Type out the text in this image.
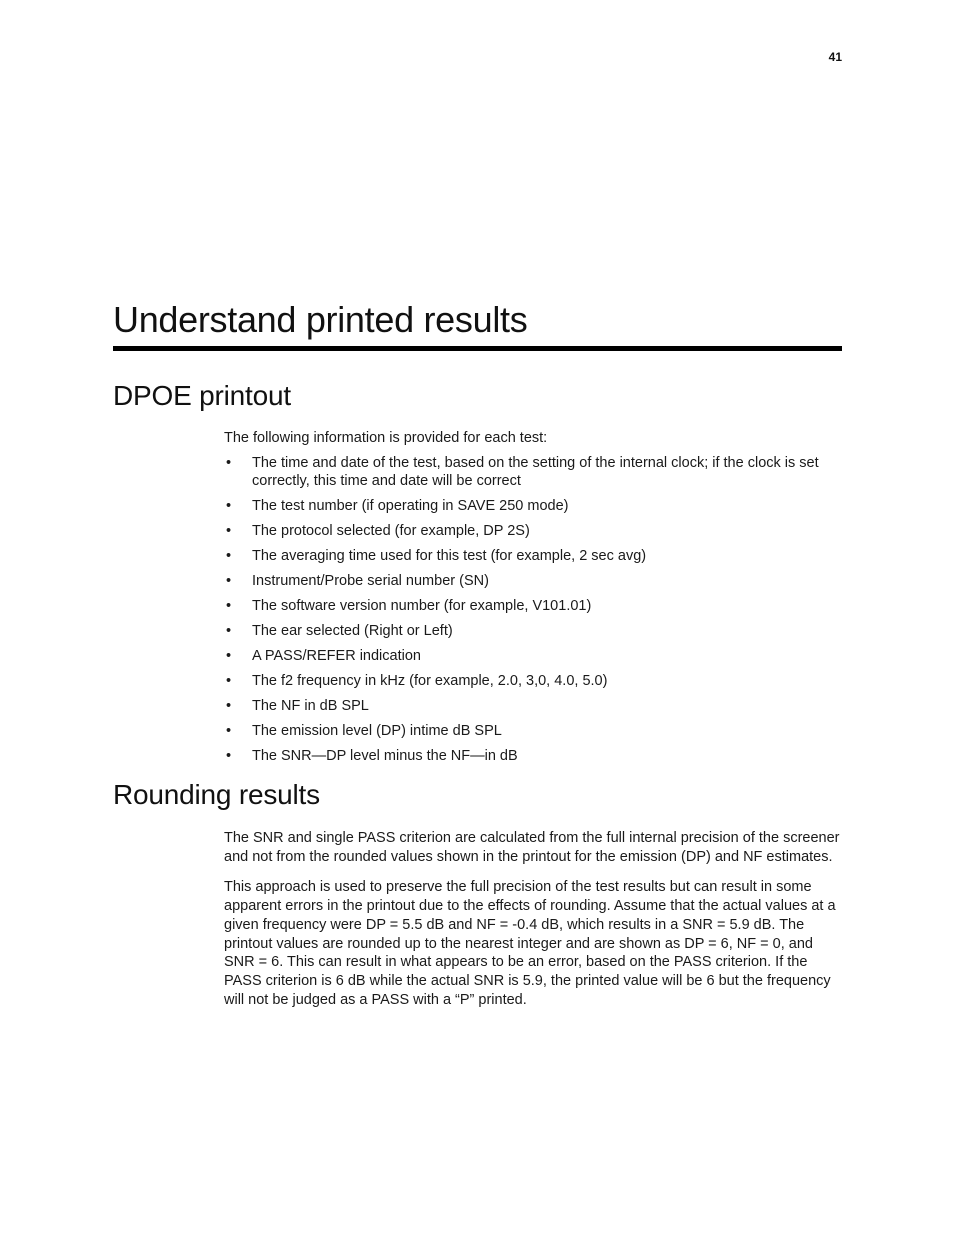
41
Understand printed results
DPOE printout

The following information is provided for each test:

• The time and date of the test, based on the setting of the internal clock; if the clock is set correctly, this time and date will be correct
• The test number (if operating in SAVE 250 mode)
• The protocol selected (for example, DP 2S)
• The averaging time used for this test (for example, 2 sec avg)
• Instrument/Probe serial number (SN)
• The software version number (for example, V101.01)
• The ear selected (Right or Left)
• A PASS/REFER indication
• The f2 frequency in kHz (for example, 2.0, 3,0, 4.0, 5.0)
• The NF in dB SPL
• The emission level (DP) intime dB SPL
• The SNR—DP level minus the NF—in dB
Rounding results

The SNR and single PASS criterion are calculated from the full internal precision of the screener and not from the rounded values shown in the printout for the emission (DP) and NF estimates.

This approach is used to preserve the full precision of the test results but can result in some apparent errors in the printout due to the effects of rounding. Assume that the actual values at a given frequency were DP = 5.5 dB and NF = -0.4 dB, which results in a SNR = 5.9 dB. The printout values are rounded up to the nearest integer and are shown as DP = 6, NF = 0, and SNR = 6. This can result in what appears to be an error, based on the PASS criterion. If the PASS criterion is 6 dB while the actual SNR is 5.9, the printed value will be 6 but the frequency will not be judged as a PASS with a “P” printed.
